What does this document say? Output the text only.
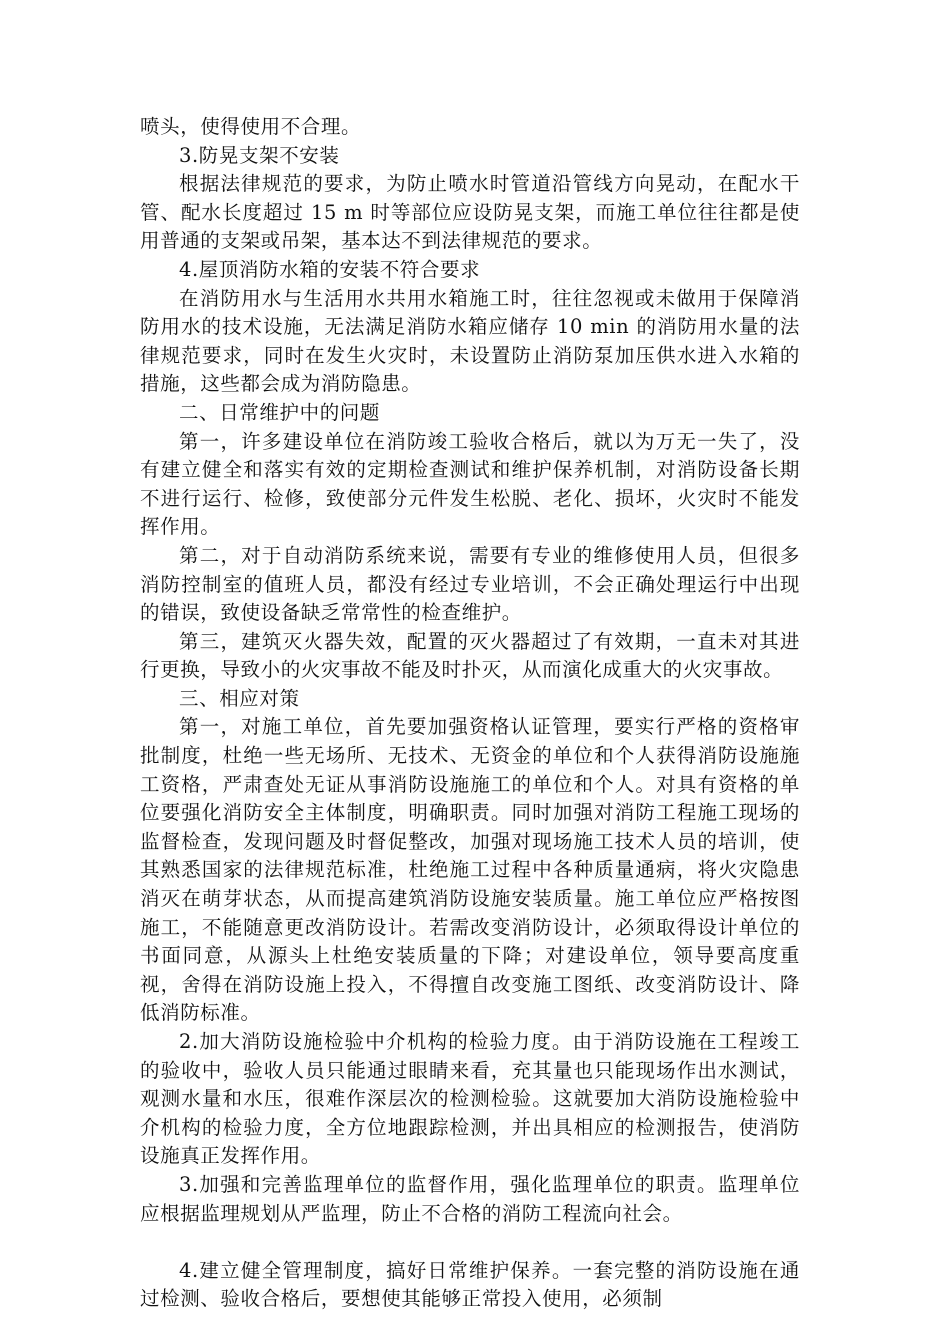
喷头，使得使用不合理。

3.防晃支架不安装

根据法律规范的要求，为防止喷水时管道沿管线方向晃动，在配水干管、配水长度超过 15 m 时等部位应设防晃支架，而施工单位往往都是使用普通的支架或吊架，基本达不到法律规范的要求。

4.屋顶消防水箱的安装不符合要求

在消防用水与生活用水共用水箱施工时，往往忽视或未做用于保障消防用水的技术设施，无法满足消防水箱应储存 10 min 的消防用水量的法律规范要求，同时在发生火灾时，未设置防止消防泵加压供水进入水箱的措施，这些都会成为消防隐患。

二、日常维护中的问题

第一，许多建设单位在消防竣工验收合格后，就以为万无一失了，没有建立健全和落实有效的定期检查测试和维护保养机制，对消防设备长期不进行运行、检修，致使部分元件发生松脱、老化、损坏，火灾时不能发挥作用。

第二，对于自动消防系统来说，需要有专业的维修使用人员，但很多消防控制室的值班人员，都没有经过专业培训，不会正确处理运行中出现的错误，致使设备缺乏常常性的检查维护。

第三，建筑灭火器失效，配置的灭火器超过了有效期，一直未对其进行更换，导致小的火灾事故不能及时扑灭，从而演化成重大的火灾事故。

三、相应对策

第一，对施工单位，首先要加强资格认证管理，要实行严格的资格审批制度，杜绝一些无场所、无技术、无资金的单位和个人获得消防设施施工资格，严肃查处无证从事消防设施施工的单位和个人。对具有资格的单位要强化消防安全主体制度，明确职责。同时加强对消防工程施工现场的监督检查，发现问题及时督促整改，加强对现场施工技术人员的培训，使其熟悉国家的法律规范标准，杜绝施工过程中各种质量通病，将火灾隐患消灭在萌芽状态，从而提高建筑消防设施安装质量。施工单位应严格按图施工，不能随意更改消防设计。若需改变消防设计，必须取得设计单位的书面同意，从源头上杜绝安装质量的下降；对建设单位，领导要高度重视，舍得在消防设施上投入，不得擅自改变施工图纸、改变消防设计、降低消防标准。

2.加大消防设施检验中介机构的检验力度。由于消防设施在工程竣工的验收中，验收人员只能通过眼睛来看，充其量也只能现场作出水测试，观测水量和水压，很难作深层次的检测检验。这就要加大消防设施检验中介机构的检验力度，全方位地跟踪检测，并出具相应的检测报告，使消防设施真正发挥作用。

3.加强和完善监理单位的监督作用，强化监理单位的职责。监理单位应根据监理规划从严监理，防止不合格的消防工程流向社会。

4.建立健全管理制度，搞好日常维护保养。一套完整的消防设施在通过检测、验收合格后，要想使其能够正常投入使用，必须制
